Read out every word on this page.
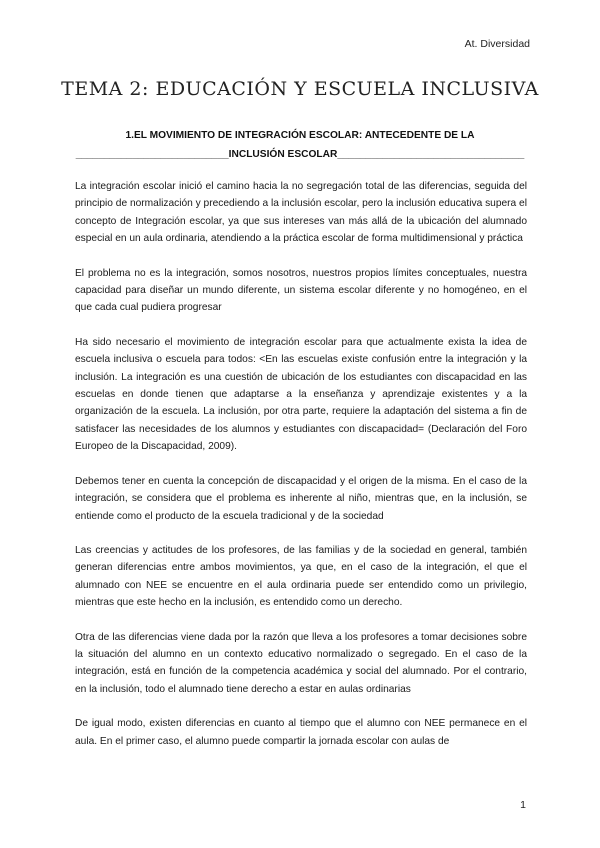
At. Diversidad
TEMA 2: EDUCACIÓN Y ESCUELA INCLUSIVA
1.EL MOVIMIENTO DE INTEGRACIÓN ESCOLAR: ANTECEDENTE DE LA
___________________________INCLUSIÓN ESCOLAR_________________________________

La integración escolar inició el camino hacia la no segregación total de las diferencias, seguida del principio de normalización y precediendo a la inclusión escolar, pero la inclusión educativa supera el concepto de Integración escolar, ya que sus intereses van más allá de la ubicación del alumnado especial en un aula ordinaria, atendiendo a la práctica escolar de forma multidimensional y práctica

El problema no es la integración, somos nosotros, nuestros propios límites conceptuales, nuestra capacidad para diseñar un mundo diferente, un sistema escolar diferente y no homogéneo, en el que cada cual pudiera progresar

Ha sido necesario el movimiento de integración escolar para que actualmente exista la idea de escuela inclusiva o escuela para todos: <En las escuelas existe confusión entre la integración y la inclusión. La integración es una cuestión de ubicación de los estudiantes con discapacidad en las escuelas en donde tienen que adaptarse a la enseñanza y aprendizaje existentes y a la organización de la escuela. La inclusión, por otra parte, requiere la adaptación del sistema a fin de satisfacer las necesidades de los alumnos y estudiantes con discapacidad= (Declaración del Foro Europeo de la Discapacidad, 2009).

Debemos tener en cuenta la concepción de discapacidad y el origen de la misma. En el caso de la integración, se considera que el problema es inherente al niño, mientras que, en la inclusión, se entiende como el producto de la escuela tradicional y de la sociedad

Las creencias y actitudes de los profesores, de las familias y de la sociedad en general, también generan diferencias entre ambos movimientos, ya que, en el caso de la integración, el que el alumnado con NEE se encuentre en el aula ordinaria puede ser entendido como un privilegio, mientras que este hecho en la inclusión, es entendido como un derecho.

Otra de las diferencias viene dada por la razón que lleva a los profesores a tomar decisiones sobre la situación del alumno en un contexto educativo normalizado o segregado. En el caso de la integración, está en función de la competencia académica y social del alumnado. Por el contrario, en la inclusión, todo el alumnado tiene derecho a estar en aulas ordinarias

De igual modo, existen diferencias en cuanto al tiempo que el alumno con NEE permanece en el aula. En el primer caso, el alumno puede compartir la jornada escolar con aulas de

1
